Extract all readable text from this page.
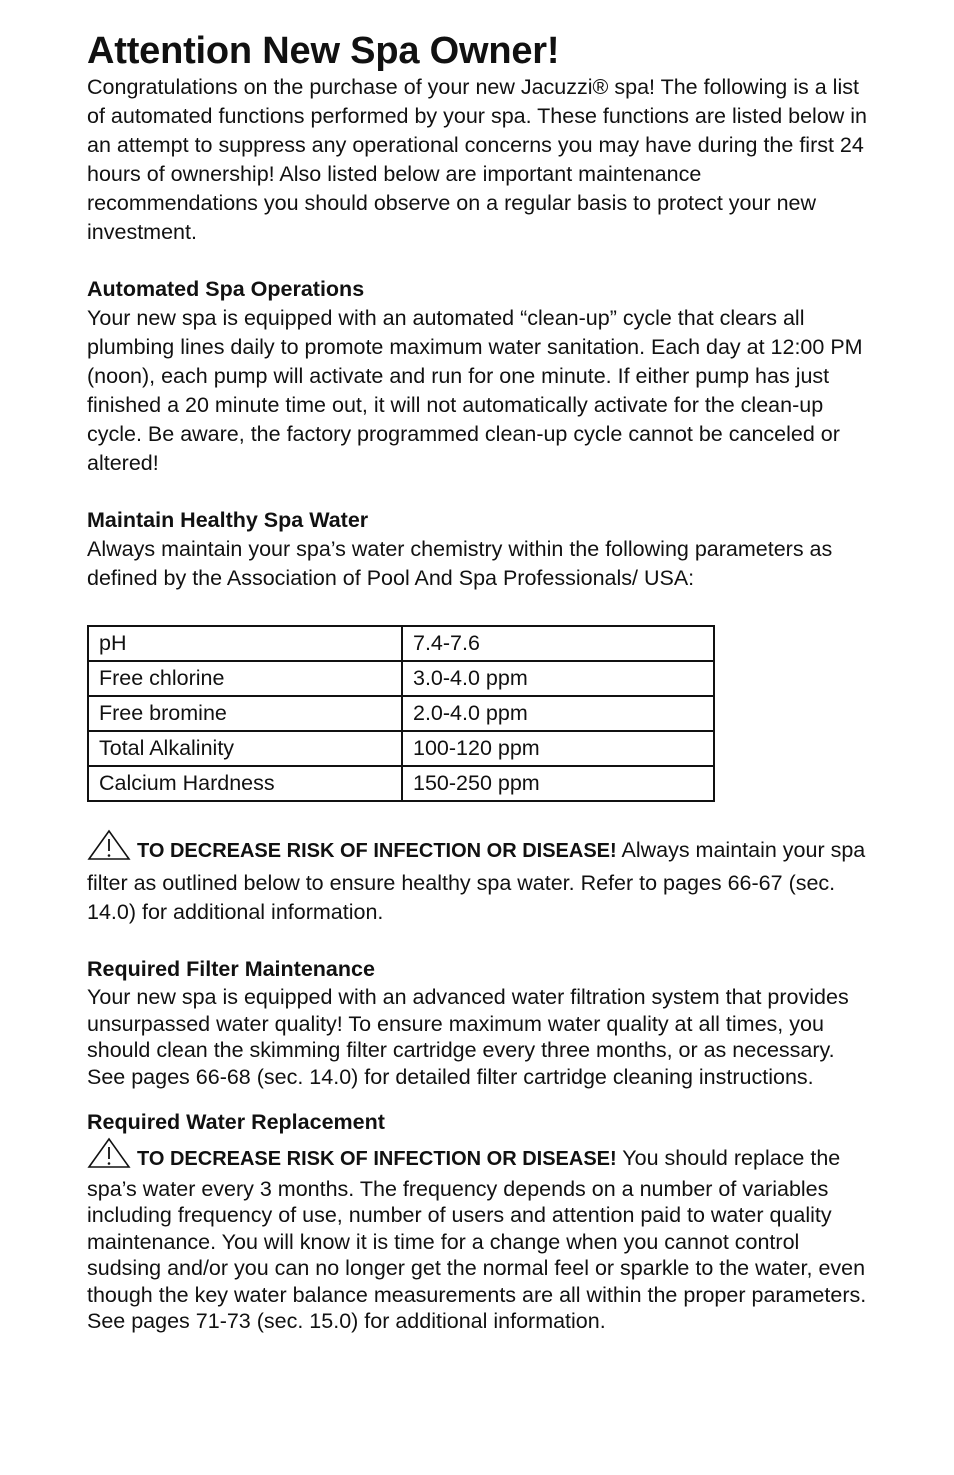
Attention New Spa Owner!

Congratulations on the purchase of your new Jacuzzi® spa! The following is a list of automated functions performed by your spa. These functions are listed below in an attempt to suppress any operational concerns you may have during the first 24 hours of ownership! Also listed below are important maintenance recommendations you should observe on a regular basis to protect your new investment.

Automated Spa Operations

Your new spa is equipped with an automated “clean-up” cycle that clears all plumbing lines daily to promote maximum water sanitation. Each day at 12:00 PM (noon), each pump will activate and run for one minute. If either pump has just finished a 20 minute time out, it will not automatically activate for the clean-up cycle. Be aware, the factory programmed clean-up cycle cannot be canceled or altered!

Maintain Healthy Spa Water

Always maintain your spa’s water chemistry within the following parameters as defined by the Association of Pool And Spa Professionals/ USA:

pH	7.4-7.6
Free chlorine	3.0-4.0 ppm
Free bromine	2.0-4.0 ppm
Total Alkalinity	100-120 ppm
Calcium Hardness	150-250 ppm

TO DECREASE RISK OF INFECTION OR DISEASE! Always maintain your spa filter as outlined below to ensure healthy spa water. Refer to pages 66-67 (sec. 14.0) for additional information.

Required Filter Maintenance

Your new spa is equipped with an advanced water filtration system that provides unsurpassed water quality! To ensure maximum water quality at all times, you should clean the skimming filter cartridge every three months, or as necessary. See pages 66-68 (sec. 14.0) for detailed filter cartridge cleaning instructions.

Required Water Replacement

TO DECREASE RISK OF INFECTION OR DISEASE! You should replace the spa’s water every 3 months. The frequency depends on a number of variables including frequency of use, number of users and attention paid to water quality maintenance. You will know it is time for a change when you cannot control sudsing and/or you can no longer get the normal feel or sparkle to the water, even though the key water balance measurements are all within the proper parameters. See pages 71-73 (sec. 15.0) for additional information.
